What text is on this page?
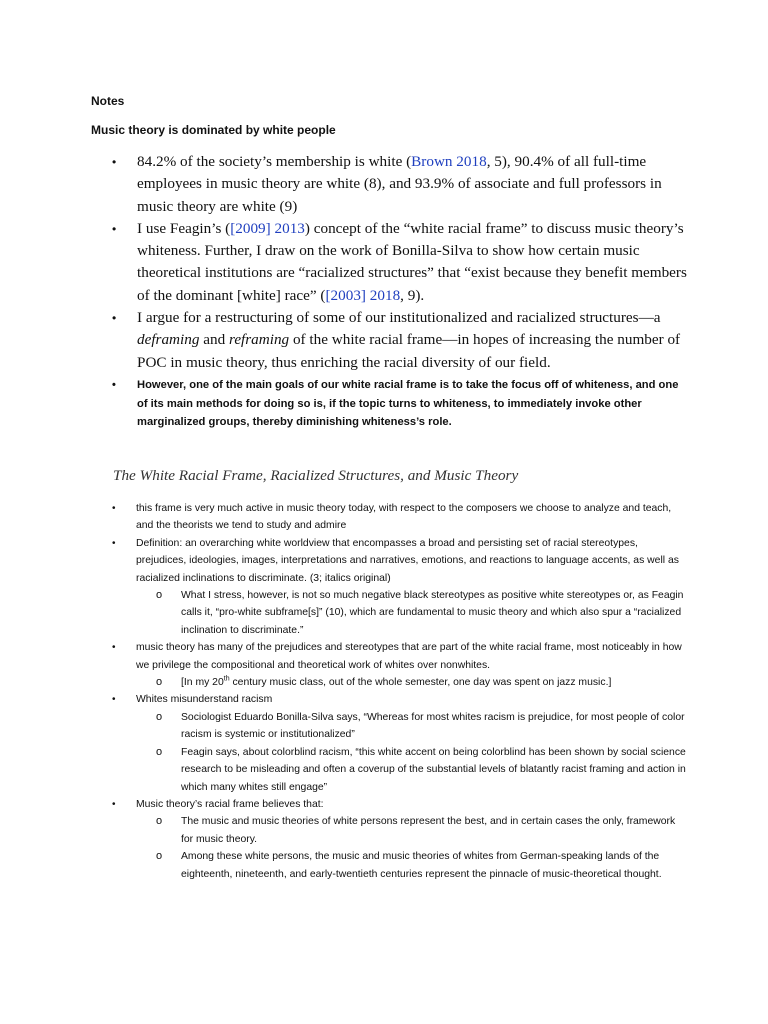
Notes

Music theory is dominated by white people

• 84.2% of the society’s membership is white (Brown 2018, 5), 90.4% of all full-time employees in music theory are white (8), and 93.9% of associate and full professors in music theory are white (9)
• I use Feagin’s ([2009] 2013) concept of the “white racial frame” to discuss music theory’s whiteness. Further, I draw on the work of Bonilla-Silva to show how certain music theoretical institutions are “racialized structures” that “exist because they benefit members of the dominant [white] race” ([2003] 2018, 9).
• I argue for a restructuring of some of our institutionalized and racialized structures—a deframing and reframing of the white racial frame—in hopes of increasing the number of POC in music theory, thus enriching the racial diversity of our field.
• However, one of the main goals of our white racial frame is to take the focus off of whiteness, and one of its main methods for doing so is, if the topic turns to whiteness, to immediately invoke other marginalized groups, thereby diminishing whiteness’s role.
The White Racial Frame, Racialized Structures, and Music Theory
• this frame is very much active in music theory today, with respect to the composers we choose to analyze and teach, and the theorists we tend to study and admire
• Definition: an overarching white worldview that encompasses a broad and persisting set of racial stereotypes, prejudices, ideologies, images, interpretations and narratives, emotions, and reactions to language accents, as well as racialized inclinations to discriminate. (3; italics original)
o What I stress, however, is not so much negative black stereotypes as positive white stereotypes or, as Feagin calls it, “pro-white subframe[s]” (10), which are fundamental to music theory and which also spur a “racialized inclination to discriminate.”
• music theory has many of the prejudices and stereotypes that are part of the white racial frame, most noticeably in how we privilege the compositional and theoretical work of whites over nonwhites.
o [In my 20th century music class, out of the whole semester, one day was spent on jazz music.]
• Whites misunderstand racism
o Sociologist Eduardo Bonilla-Silva says, “Whereas for most whites racism is prejudice, for most people of color racism is systemic or institutionalized”
o Feagin says, about colorblind racism, “this white accent on being colorblind has been shown by social science research to be misleading and often a coverup of the substantial levels of blatantly racist framing and action in which many whites still engage”
• Music theory’s racial frame believes that:
o The music and music theories of white persons represent the best, and in certain cases the only, framework for music theory.
o Among these white persons, the music and music theories of whites from German-speaking lands of the eighteenth, nineteenth, and early-twentieth centuries represent the pinnacle of music-theoretical thought.
